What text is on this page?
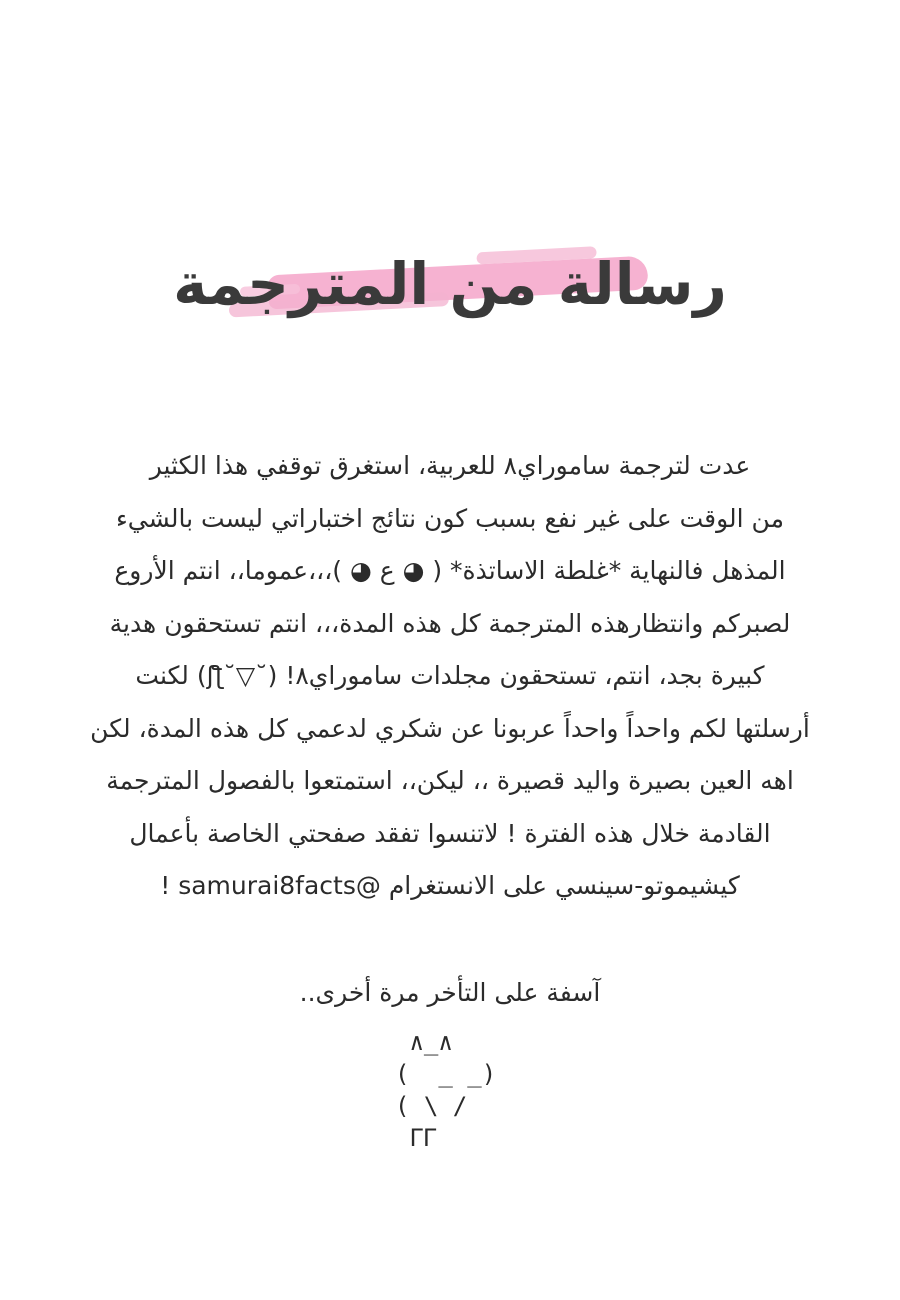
رسالة من المترجمة
عدت لترجمة ساموراي٨ للعربية، استغرق توقفي هذا الكثير
من الوقت على غير نفع بسبب كون نتائج اختباراتي ليست بالشيء
المذهل فالنهاية *غلطة الاساتذة* ( ◕ ع ◕ )،،،عموما،، انتم الأروع
لصبركم وانتظارهذه المترجمة كل هذه المدة،،، انتم تستحقون هدية
كبيرة بجد، انتم، تستحقون مجلدات ساموراي٨! (˘▽˘ʃƪ) لكنت
أرسلتها لكم واحداً واحداً عربونا عن شكري لدعمي كل هذه المدة، لكن
اهه العين بصيرة واليد قصيرة ،، ليكن،، استمتعوا بالفصول المترجمة
القادمة خلال هذه الفترة ! لاتنسوا تفقد صفحتي الخاصة بأعمال
كيشيموتو-سينسي على الانستغرام @samurai8facts !
آسفة على التأخر مرة أخرى..
∧_∧
(  _ _)
( \ /
ᒥᒥ
